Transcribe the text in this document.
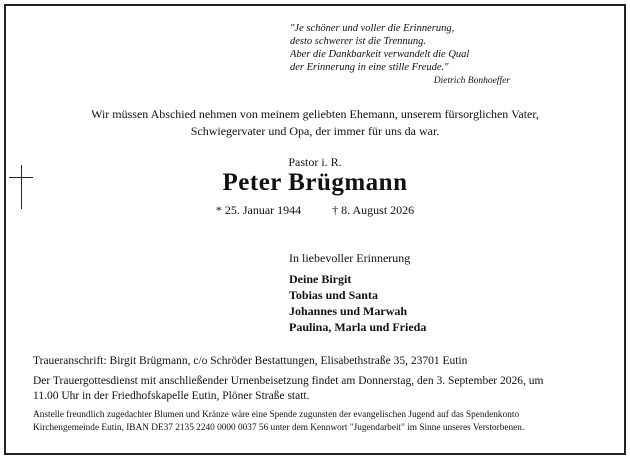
"Je schöner und voller die Erinnerung,
desto schwerer ist die Trennung.
Aber die Dankbarkeit verwandelt die Qual
der Erinnerung in eine stille Freude."
Dietrich Bonhoeffer
Wir müssen Abschied nehmen von meinem geliebten Ehemann, unserem fürsorglichen Vater,
Schwiegervater und Opa, der immer für uns da war.
Pastor i. R.
Peter Brügmann
* 25. Januar 1944	† 8. August 2026
In liebevoller Erinnerung
Deine Birgit
Tobias und Santa
Johannes und Marwah
Paulina, Marla und Frieda
Traueranschrift: Birgit Brügmann, c/o Schröder Bestattungen, Elisabethstraße 35, 23701 Eutin
Der Trauergottesdienst mit anschließender Urnenbeisetzung findet am Donnerstag, den 3. September 2026, um
11.00 Uhr in der Friedhofskapelle Eutin, Plöner Straße statt.
Anstelle freundlich zugedachter Blumen und Kränze wäre eine Spende zugunsten der evangelischen Jugend auf das Spendenkonto
Kirchengemeinde Eutin, IBAN DE37 2135 2240 0000 0037 56 unter dem Kennwort "Jugendarbeit" im Sinne unseres Verstorbenen.
